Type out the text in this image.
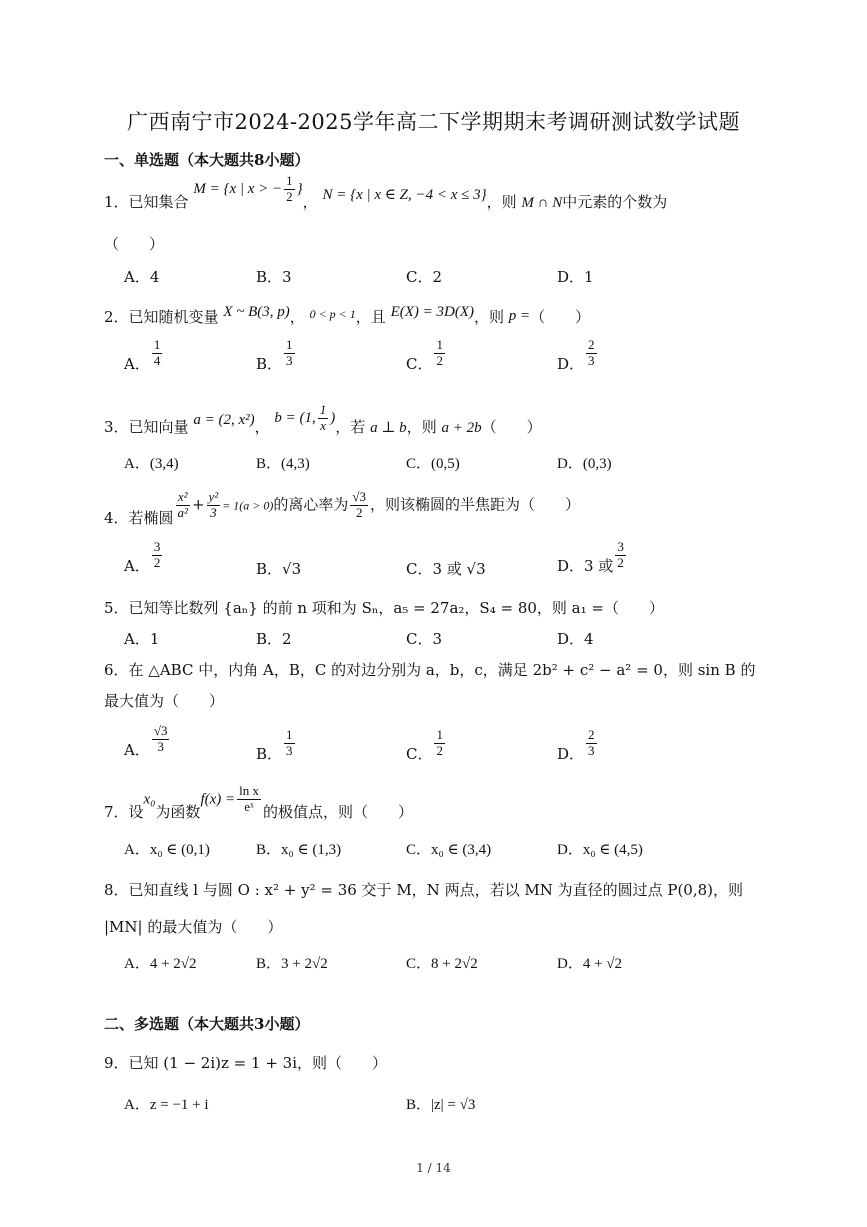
广西南宁市2024-2025学年高二下学期期末考调研测试数学试题
一、单选题（本大题共8小题）
1．已知集合 M = {x | x > − $\frac{1}{2}$ }， N = {x | x ∈ Z, −4 < x ≤ 3}，则 M ∩ N中元素的个数为
（　　）
A．4	B．3	C．2	D．1
2．已知随机变量 X ~ B(3, p)， $^{0 < p < 1}$，且 E(X) = 3D(X)，则 p =（　　）
A． $\frac{1}{4}$	B． $\frac{1}{3}$	C． $\frac{1}{2}$	D． $\frac{2}{3}$
3．已知向量 a = (2, x²)， b = (1, $\frac{1}{x}$ )，若 a ⊥ b，则 a + 2b（　　）
A．(3,4)	B．(4,3)	C．(0,5)	D．(0,3)
4．若椭圆 $\frac{\text{x²}}{\text{a²}} + \frac{\text{y²}}{3} = 1(a > 0)$的离心率为 $\frac{√3}{2}$ ，则该椭圆的半焦距为（　　）
A． $\frac{3}{2}$	B．√3	C．3 或 √3	D．3 或 $\frac{3}{2}$
5．已知等比数列 {aₙ} 的前 n 项和为 Sₙ，a₅ = 27a₂，S₄ = 80，则 a₁ =（　　）
A．1	B．2	C．3	D．4
6．在 △ABC 中，内角 A，B，C 的对边分别为 a，b，c，满足 2b² + c² − a² = 0，则 sin B 的
最大值为（　　）
A． $\frac{√3}{3}$	B． $\frac{1}{3}$	C． $\frac{1}{2}$	D． $\frac{2}{3}$
7．设x₀为函数$f(x) = \frac{\text{ln x}}{\text{eˣ}}$ 的极值点，则（　　）
A．x₀ ∈ (0,1)	B．x₀ ∈ (1,3)	C．x₀ ∈ (3,4)	D．x₀ ∈ (4,5)
8．已知直线 l 与圆 O : x² + y² = 36 交于 M，N 两点，若以 MN 为直径的圆过点 P(0,8)，则
|MN| 的最大值为（　　）
A．4 + 2√2	B．3 + 2√2	C．8 + 2√2	D．4 + √2
二、多选题（本大题共3小题）
9．已知 (1 − 2i)z = 1 + 3i，则（　　）
A．z = −1 + i	B．|z| = √3
1 / 14
